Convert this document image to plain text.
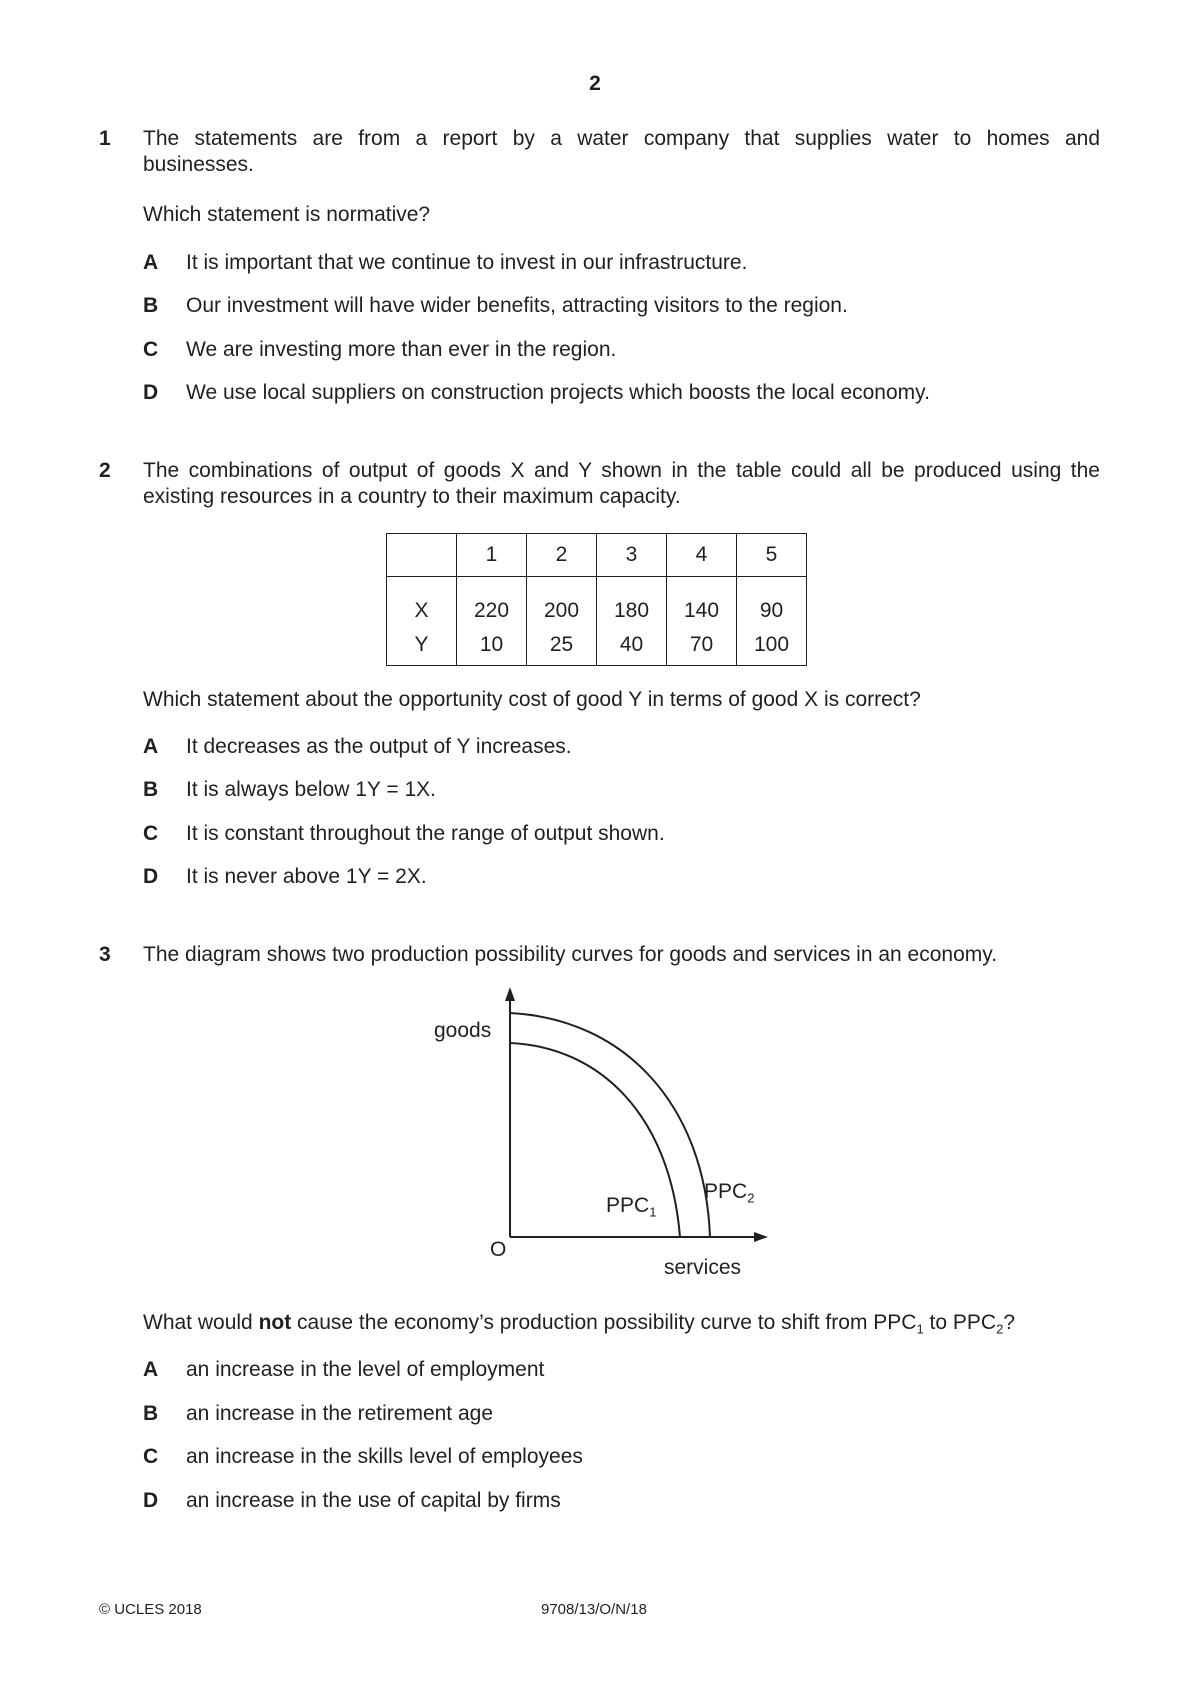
2
1 The statements are from a report by a water company that supplies water to homes and
businesses.
Which statement is normative?
A It is important that we continue to invest in our infrastructure.
B Our investment will have wider benefits, attracting visitors to the region.
C We are investing more than ever in the region.
D We use local suppliers on construction projects which boosts the local economy.
2 The combinations of output of goods X and Y shown in the table could all be produced using the
existing resources in a country to their maximum capacity.
	1	2	3	4	5
X	220	200	180	140	90
Y	10	25	40	70	100
Which statement about the opportunity cost of good Y in terms of good X is correct?
A It decreases as the output of Y increases.
B It is always below 1Y = 1X.
C It is constant throughout the range of output shown.
D It is never above 1Y = 2X.
3 The diagram shows two production possibility curves for goods and services in an economy.
goods
O
services
$PPC_1$
$PPC_2$
What would not cause the economy’s production possibility curve to shift from $PPC_1$ to $PPC_2$?
A an increase in the level of employment
B an increase in the retirement age
C an increase in the skills level of employees
D an increase in the use of capital by firms
© UCLES 2018	9708/13/O/N/18
